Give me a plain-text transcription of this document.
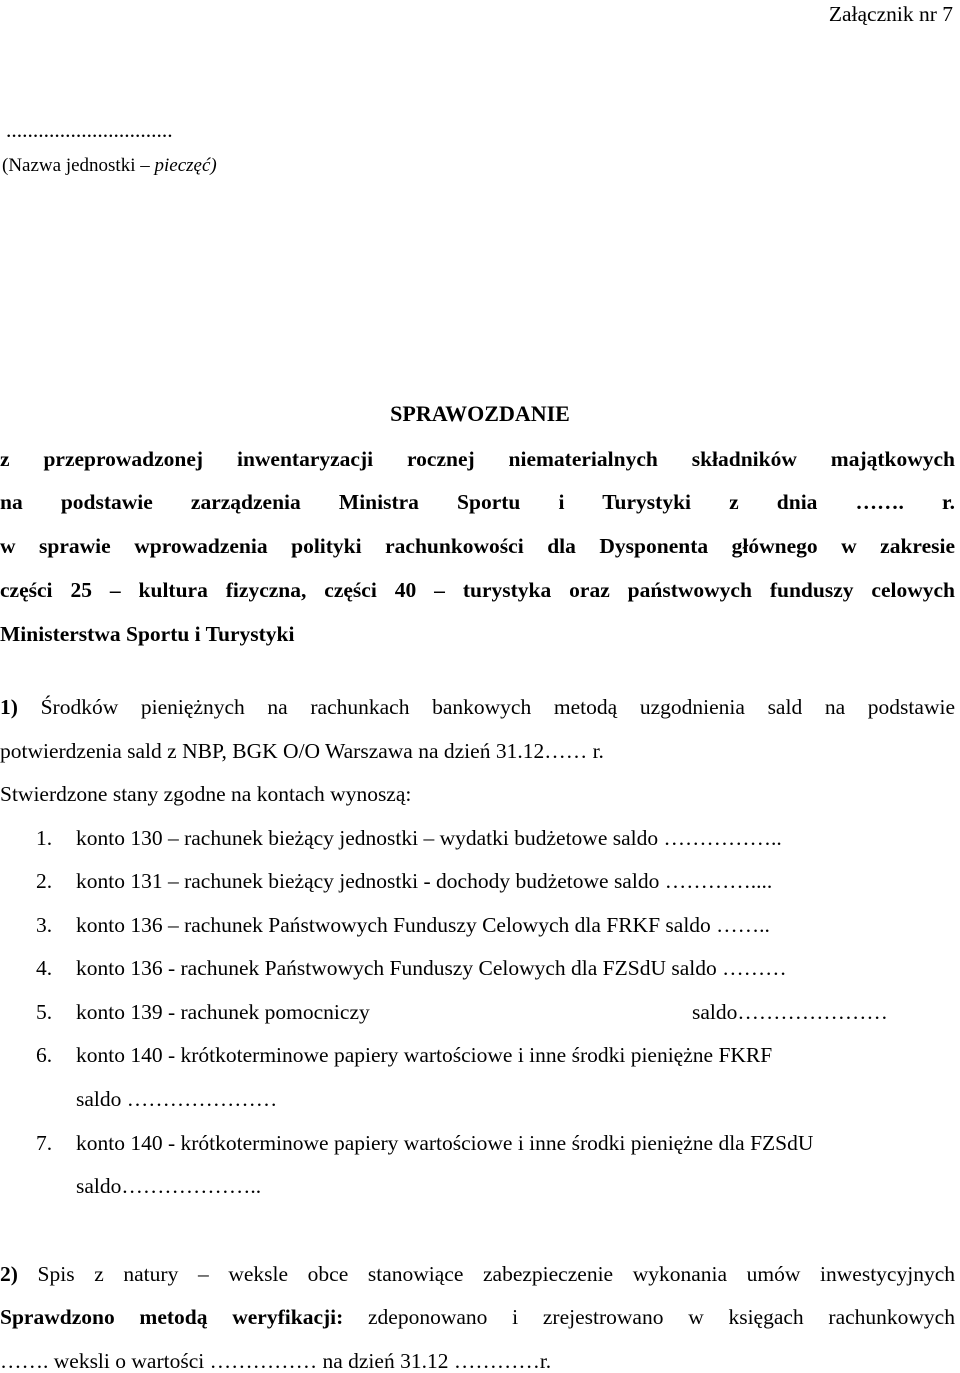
Załącznik nr 7
...............................
(Nazwa jednostki – pieczęć)
SPRAWOZDANIE
z przeprowadzonej inwentaryzacji rocznej niematerialnych składników majątkowych
na podstawie zarządzenia Ministra Sportu i Turystyki z dnia ……. r.
w sprawie wprowadzenia polityki rachunkowości dla Dysponenta głównego w zakresie
części 25 – kultura fizyczna, części 40 – turystyka oraz państwowych funduszy celowych
Ministerstwa Sportu i Turystyki
1) Środków pieniężnych na rachunkach bankowych metodą uzgodnienia sald na podstawie
potwierdzenia sald z NBP, BGK O/O Warszawa na dzień 31.12…… r.
Stwierdzone stany zgodne na kontach wynoszą:
1. konto 130 – rachunek bieżący jednostki – wydatki budżetowe saldo ……………..
2. konto 131 – rachunek bieżący jednostki - dochody budżetowe saldo …………....
3. konto 136 – rachunek Państwowych Funduszy Celowych dla FRKF saldo ……..
4. konto 136 - rachunek Państwowych Funduszy Celowych dla FZSdU saldo ………
5. konto 139 - rachunek pomocniczy	saldo…………………
6. konto 140 - krótkoterminowe papiery wartościowe i inne środki pieniężne FKRF
saldo …………………
7. konto 140 - krótkoterminowe papiery wartościowe i inne środki pieniężne dla FZSdU
saldo………………..
2) Spis z natury – weksle obce stanowiące zabezpieczenie wykonania umów inwestycyjnych
Sprawdzono metodą weryfikacji: zdeponowano i zrejestrowano w księgach rachunkowych
……. weksli o wartości …………… na dzień 31.12 …………r.
